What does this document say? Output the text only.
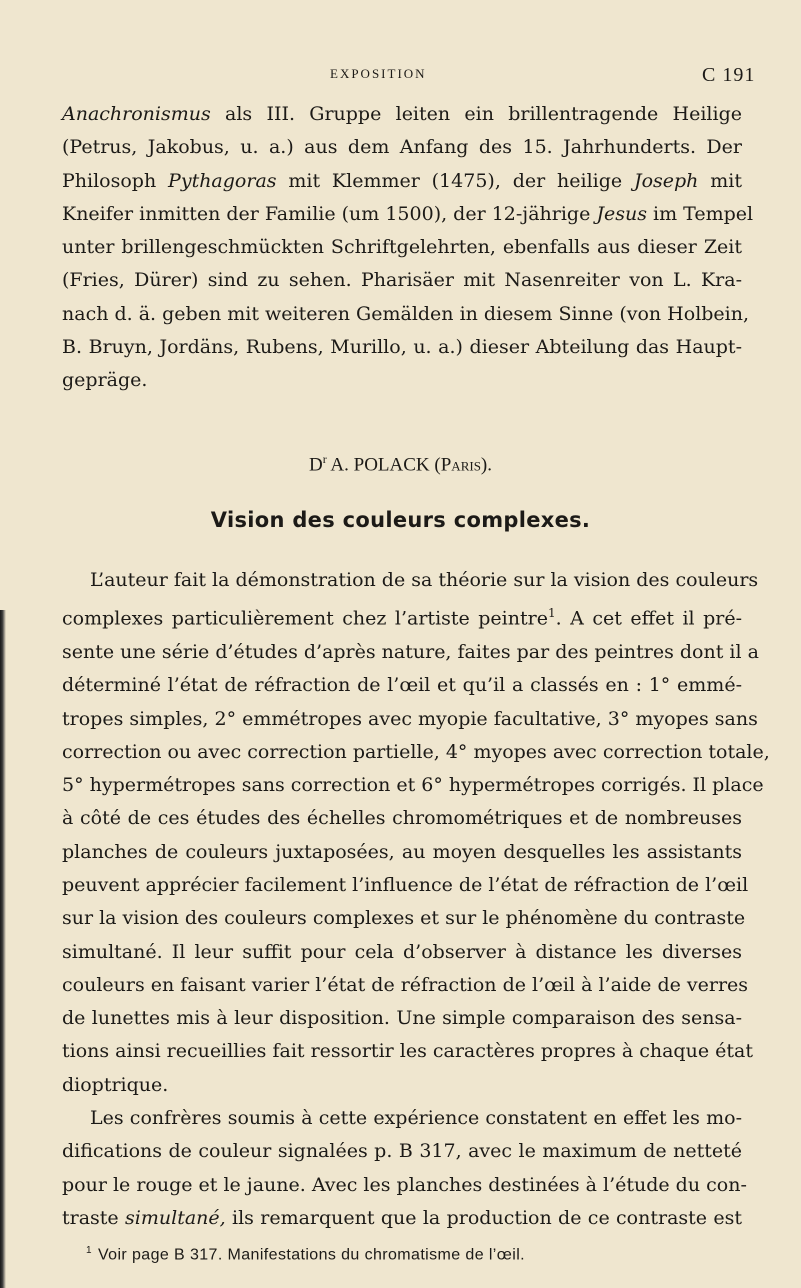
EXPOSITION	C 191
Anachronismus als III. Gruppe leiten ein brillentragende Heilige
(Petrus, Jakobus, u. a.) aus dem Anfang des 15. Jahrhunderts. Der
Philosoph Pythagoras mit Klemmer (1475), der heilige Joseph mit
Kneifer inmitten der Familie (um 1500), der 12-jährige Jesus im Tempel
unter brillengeschmückten Schriftgelehrten, ebenfalls aus dieser Zeit
(Fries, Dürer) sind zu sehen. Pharisäer mit Nasenreiter von L. Kra-
nach d. ä. geben mit weiteren Gemälden in diesem Sinne (von Holbein,
B. Bruyn, Jordäns, Rubens, Murillo, u. a.) dieser Abteilung das Haupt-
gepräge.
$D^r$ A. POLACK (Paris).
Vision des couleurs complexes.
L’auteur fait la démonstration de sa théorie sur la vision des couleurs
complexes particulièrement chez l’artiste peintre$^1$. A cet effet il pré-
sente une série d’études d’après nature, faites par des peintres dont il a
déterminé l’état de réfraction de l’œil et qu’il a classés en : 1° emmé-
tropes simples, 2° emmétropes avec myopie facultative, 3° myopes sans
correction ou avec correction partielle, 4° myopes avec correction totale,
5° hypermétropes sans correction et 6° hypermétropes corrigés. Il place
à côté de ces études des échelles chromométriques et de nombreuses
planches de couleurs juxtaposées, au moyen desquelles les assistants
peuvent apprécier facilement l’influence de l’état de réfraction de l’œil
sur la vision des couleurs complexes et sur le phénomène du contraste
simultané. Il leur suffit pour cela d’observer à distance les diverses
couleurs en faisant varier l’état de réfraction de l’œil à l’aide de verres
de lunettes mis à leur disposition. Une simple comparaison des sensa-
tions ainsi recueillies fait ressortir les caractères propres à chaque état
dioptrique.
Les confrères soumis à cette expérience constatent en effet les mo-
difications de couleur signalées p. B 317, avec le maximum de netteté
pour le rouge et le jaune. Avec les planches destinées à l’étude du con-
traste simultané, ils remarquent que la production de ce contraste est
$^1$ Voir page B 317. Manifestations du chromatisme de l’œil.
